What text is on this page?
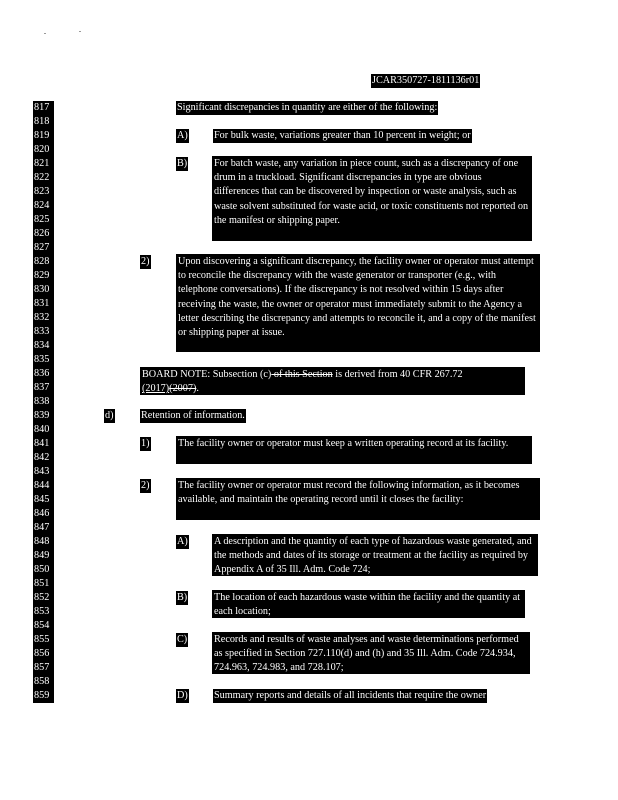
JCAR350727-1811136r01
817
818
819
820
821
822
823
824
825
826
827
828
829
830
831
832
833
834
835
836
837
838
839
840
841
842
843
844
845
846
847
848
849
850
851
852
853
854
855
856
857
858
859
Significant discrepancies in quantity are either of the following:
A)	For bulk waste, variations greater than 10 percent in weight; or
B)	For batch waste, any variation in piece count, such as a discrepancy of one drum in a truckload. Significant discrepancies in type are obvious differences that can be discovered by inspection or waste analysis, such as waste solvent substituted for waste acid, or toxic constituents not reported on the manifest or shipping paper.
2)	Upon discovering a significant discrepancy, the facility owner or operator must attempt to reconcile the discrepancy with the waste generator or transporter (e.g., with telephone conversations). If the discrepancy is not resolved within 15 days after receiving the waste, the owner or operator must immediately submit to the Agency a letter describing the discrepancy and attempts to reconcile it, and a copy of the manifest or shipping paper at issue.
BOARD NOTE: Subsection (c) of this Section is derived from 40 CFR 267.72
(2017)(2007).
d)	Retention of information.
1)	The facility owner or operator must keep a written operating record at its facility.
2)	The facility owner or operator must record the following information, as it becomes available, and maintain the operating record until it closes the facility:
A)	A description and the quantity of each type of hazardous waste generated, and the methods and dates of its storage or treatment at the facility as required by Appendix A of 35 Ill. Adm. Code 724;
B)	The location of each hazardous waste within the facility and the quantity at each location;
C)	Records and results of waste analyses and waste determinations performed as specified in Section 727.110(d) and (h) and 35 Ill. Adm. Code 724.934, 724.963, 724.983, and 728.107;
D)	Summary reports and details of all incidents that require the owner
